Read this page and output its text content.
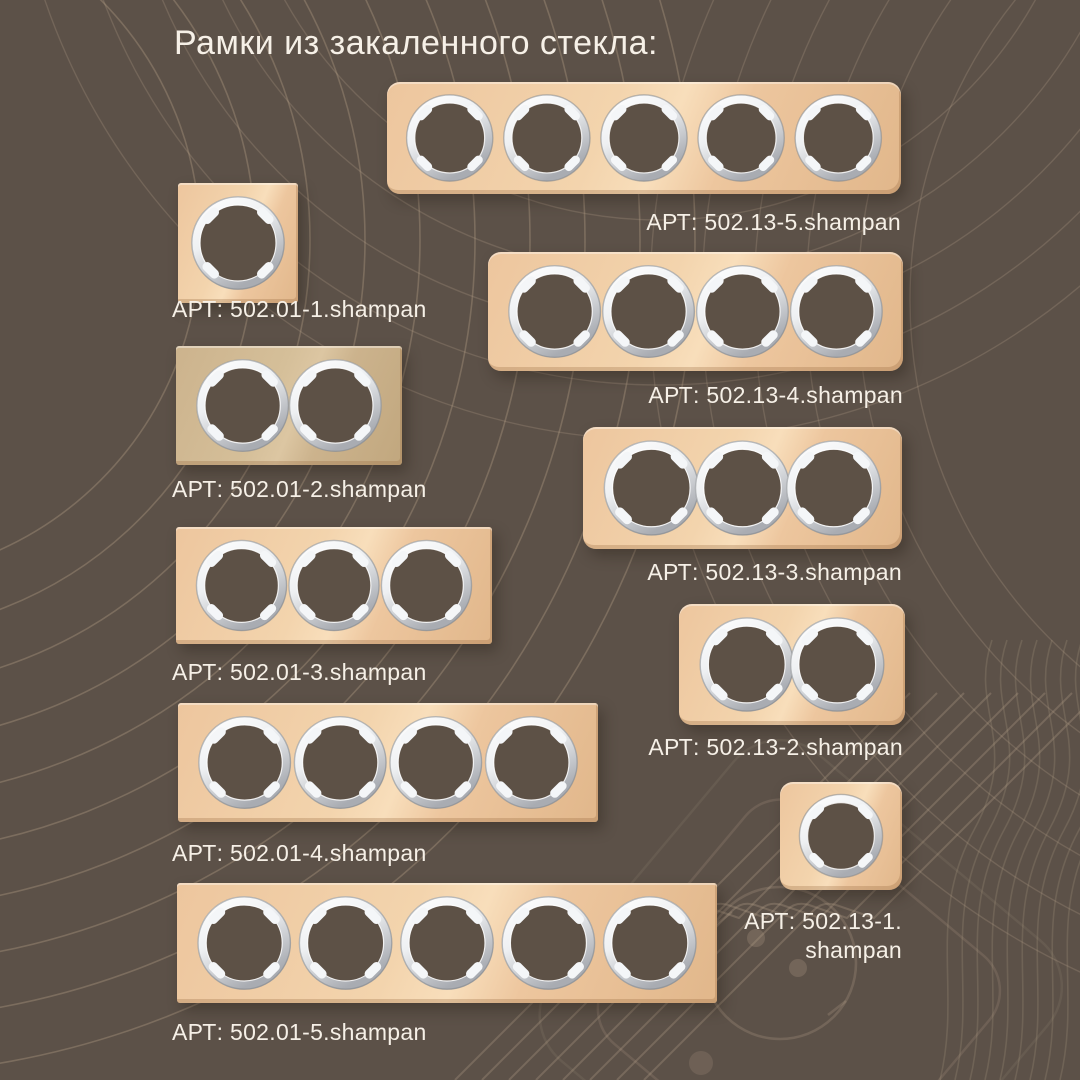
Рамки из закаленного стекла:
АРТ: 502.01-1.shampan
АРТ: 502.01-2.shampan
АРТ: 502.01-3.shampan
АРТ: 502.01-4.shampan
АРТ: 502.01-5.shampan
АРТ: 502.13-5.shampan
АРТ: 502.13-4.shampan
АРТ: 502.13-3.shampan
АРТ: 502.13-2.shampan
АРТ: 502.13-1.
shampan
